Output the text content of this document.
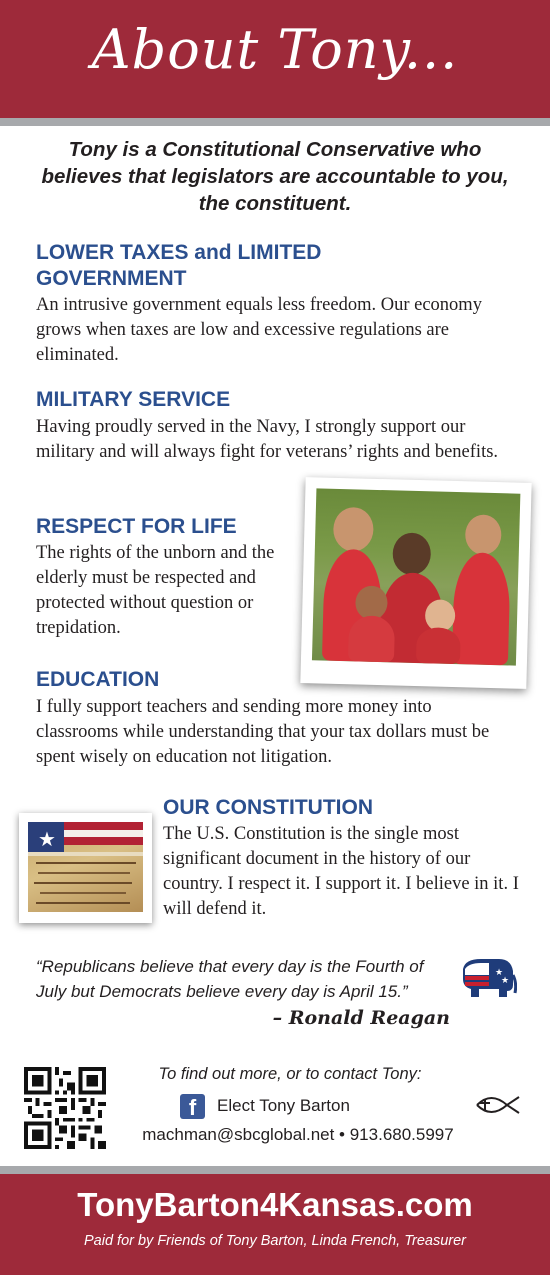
About Tony...
Tony is a Constitutional Conservative who believes that legislators are accountable to you, the constituent.
LOWER TAXES and LIMITED GOVERNMENT
An intrusive government equals less freedom. Our economy grows when taxes are low and excessive regulations are eliminated.
MILITARY SERVICE
Having proudly served in the Navy, I strongly support our military and will always fight for veterans’ rights and benefits.
RESPECT FOR LIFE
The rights of the unborn and the elderly must be respected and protected without question or trepidation.
EDUCATION
I fully support teachers and sending more money into classrooms while understanding that your tax dollars must be spent wisely on education not litigation.
★
OUR CONSTITUTION
The U.S. Constitution is the single most significant document in the history of our country. I respect it. I support it. I believe in it. I will defend it.
“Republicans believe that every day is the Fourth of July but Democrats believe every day is April 15.”
– Ronald Reagan
★
★
To find out more, or to contact Tony:
f	Elect Tony Barton
machman@sbcglobal.net • 913.680.5997
TonyBarton4Kansas.com
Paid for by Friends of Tony Barton, Linda French, Treasurer
